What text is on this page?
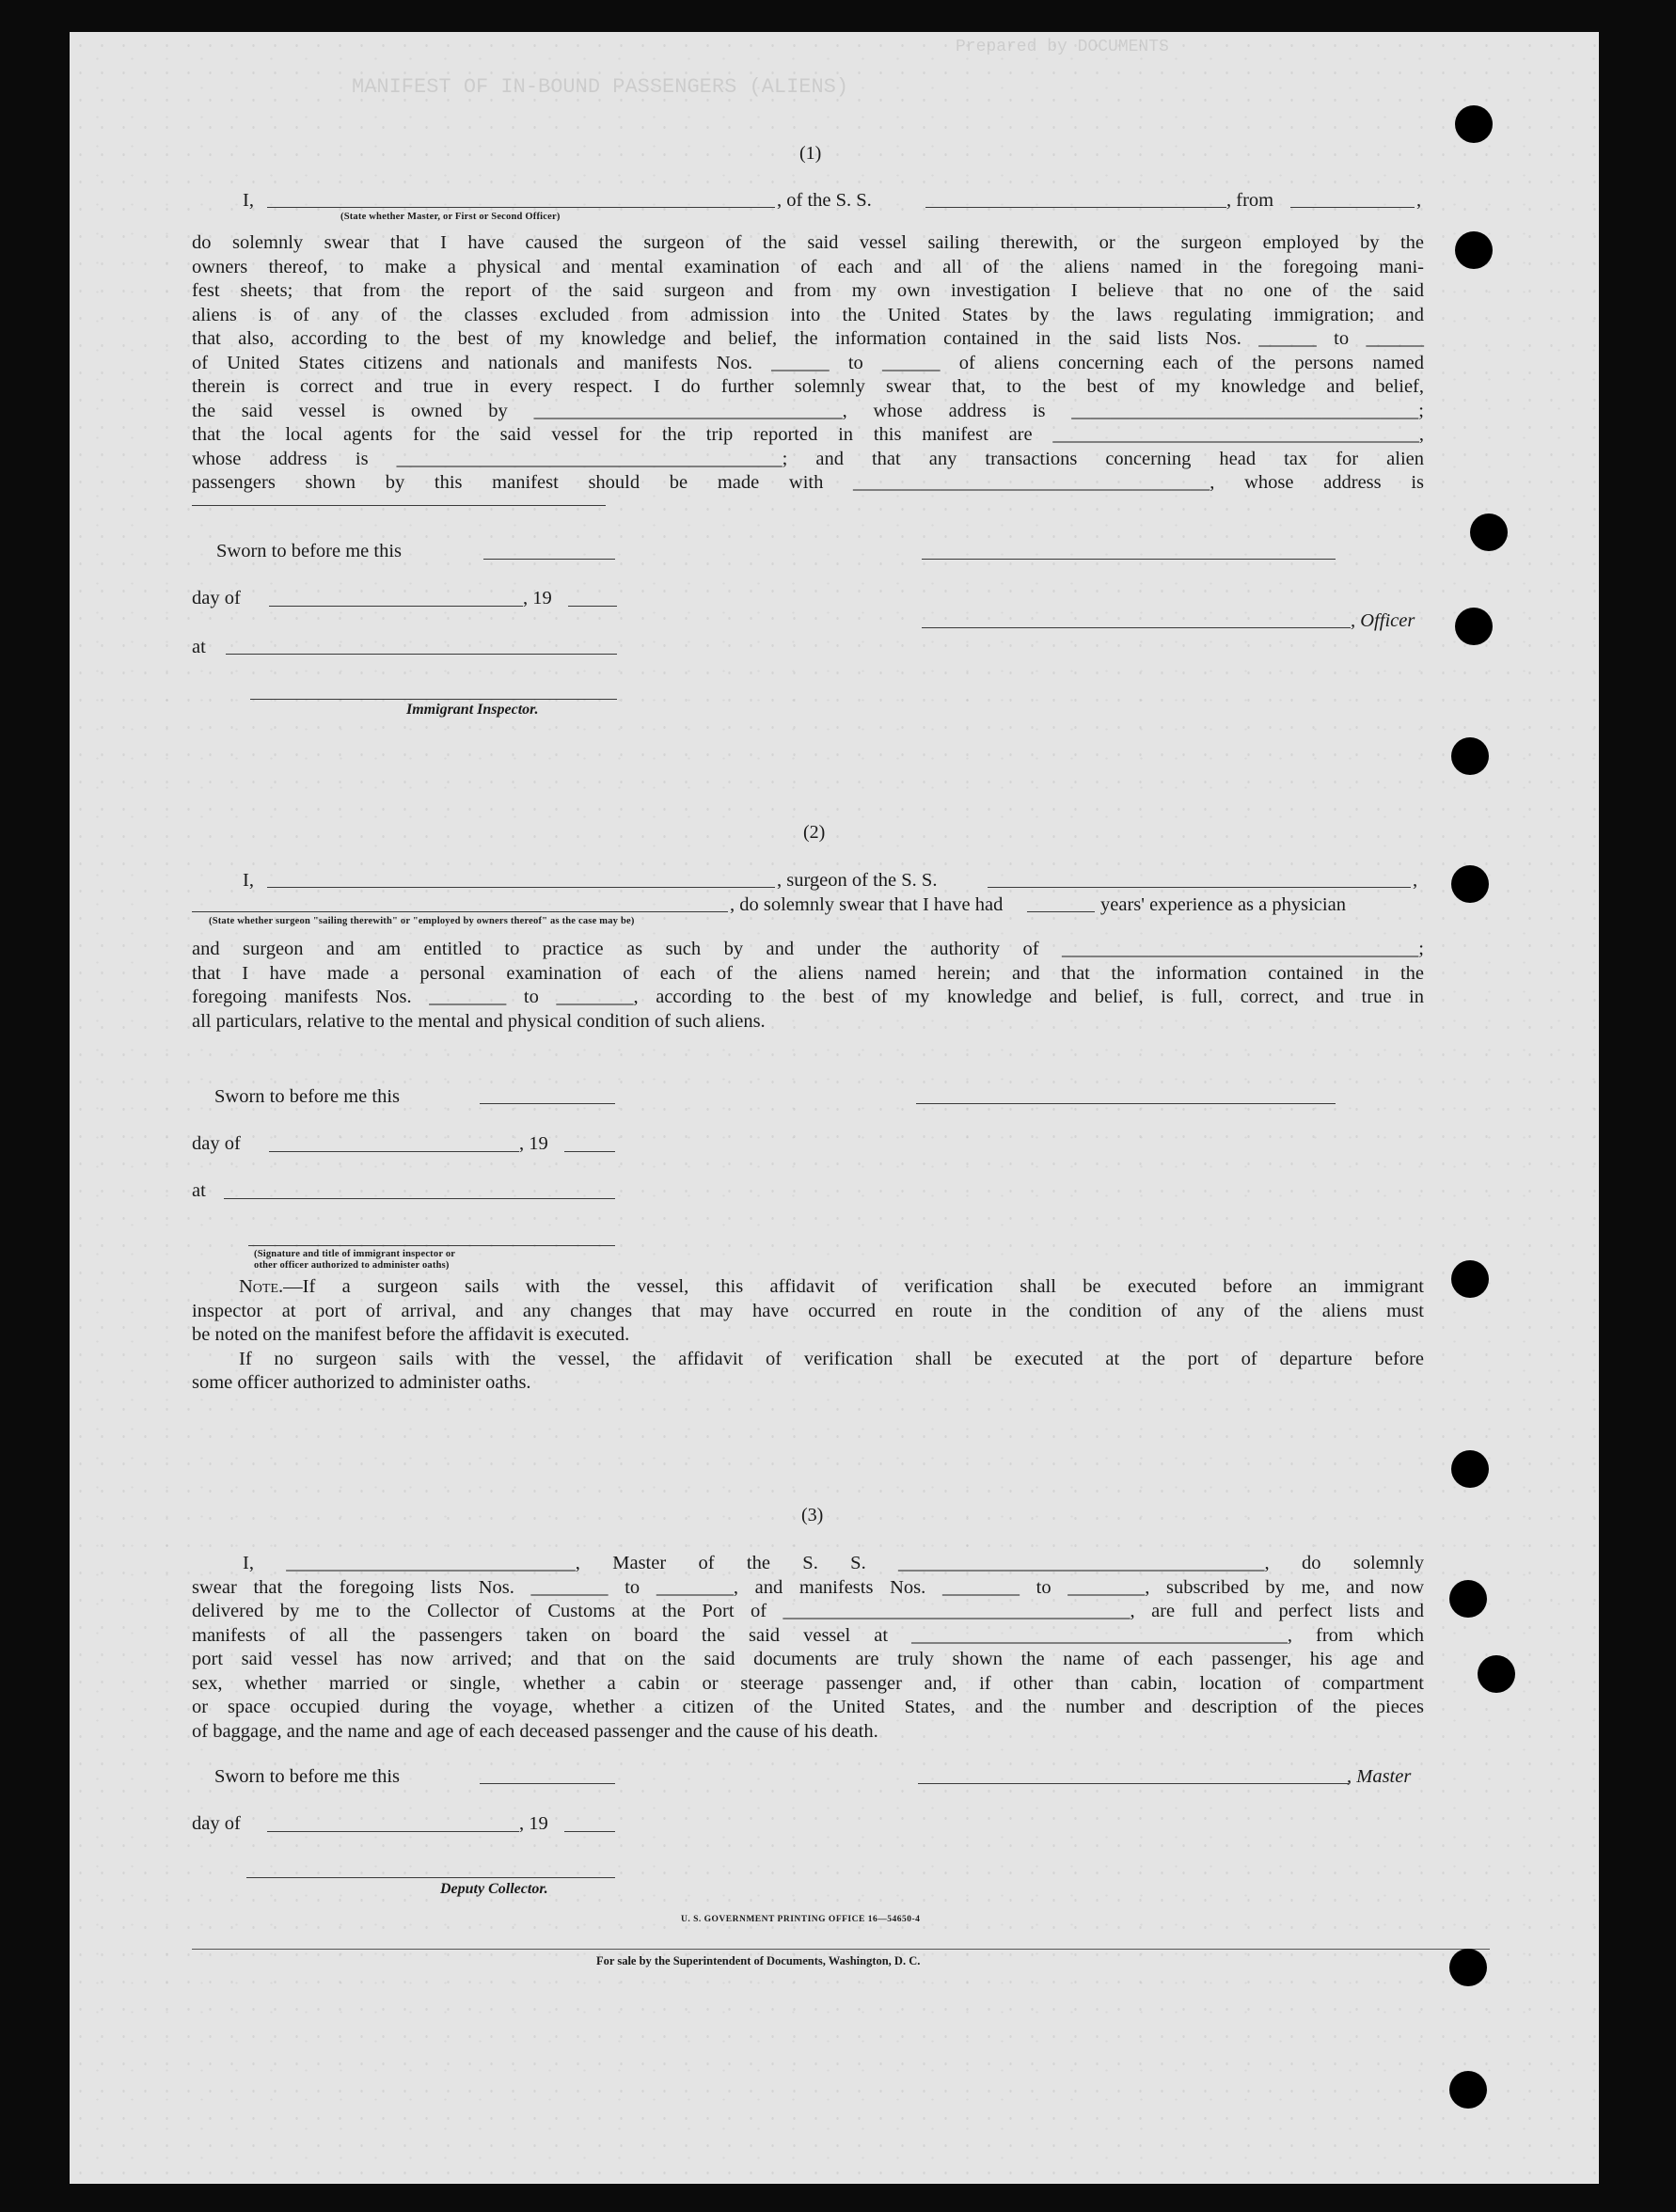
Prepared by DOCUMENTS
MANIFEST OF IN-BOUND PASSENGERS (ALIENS)
(1)
I,	, of the S. S.	, from	,
(State whether Master, or First or Second Officer)
do solemnly swear that I have caused the surgeon of the said vessel sailing therewith, or the surgeon employed by the
owners thereof, to make a physical and mental examination of each and all of the aliens named in the foregoing mani-
fest sheets; that from the report of the said surgeon and from my own investigation I believe that no one of the said
aliens is of any of the classes excluded from admission into the United States by the laws regulating immigration; and
that also, according to the best of my knowledge and belief, the information contained in the said lists Nos. ______ to ______
of United States citizens and nationals and manifests Nos. ______ to ______ of aliens concerning each of the persons named
therein is correct and true in every respect. I do further solemnly swear that, to the best of my knowledge and belief,
the said vessel is owned by ________________________________, whose address is ____________________________________;
that the local agents for the said vessel for the trip reported in this manifest are ______________________________________,
whose address is ________________________________________; and that any transactions concerning head tax for alien
passengers shown by this manifest should be made with _____________________________________, whose address is
Sworn to before me this
day of	, 19
, Officer
at
Immigrant Inspector.
(2)
I,	, surgeon of the S. S.	,
, do solemnly swear that I have had	years' experience as a physician
(State whether surgeon "sailing therewith" or "employed by owners thereof" as the case may be)
and surgeon and am entitled to practice as such by and under the authority of _____________________________________;
that I have made a personal examination of each of the aliens named herein; and that the information contained in the
foregoing manifests Nos. ________ to ________, according to the best of my knowledge and belief, is full, correct, and true in
all particulars, relative to the mental and physical condition of such aliens.
Sworn to before me this
day of	, 19
at
(Signature and title of immigrant inspector or
other officer authorized to administer oaths)
Note.—If a surgeon sails with the vessel, this affidavit of verification shall be executed before an immigrant
inspector at port of arrival, and any changes that may have occurred en route in the condition of any of the aliens must
be noted on the manifest before the affidavit is executed.
If no surgeon sails with the vessel, the affidavit of verification shall be executed at the port of departure before
some officer authorized to administer oaths.
(3)
I, ______________________________, Master of the S. S. ______________________________________, do solemnly
swear that the foregoing lists Nos. ________ to ________, and manifests Nos. ________ to ________, subscribed by me, and now
delivered by me to the Collector of Customs at the Port of ____________________________________, are full and perfect lists and
manifests of all the passengers taken on board the said vessel at _______________________________________, from which
port said vessel has now arrived; and that on the said documents are truly shown the name of each passenger, his age and
sex, whether married or single, whether a cabin or steerage passenger and, if other than cabin, location of compartment
or space occupied during the voyage, whether a citizen of the United States, and the number and description of the pieces
of baggage, and the name and age of each deceased passenger and the cause of his death.
Sworn to before me this	, Master
day of	, 19
Deputy Collector.
U. S. GOVERNMENT PRINTING OFFICE 16—54650-4
For sale by the Superintendent of Documents, Washington, D. C.
